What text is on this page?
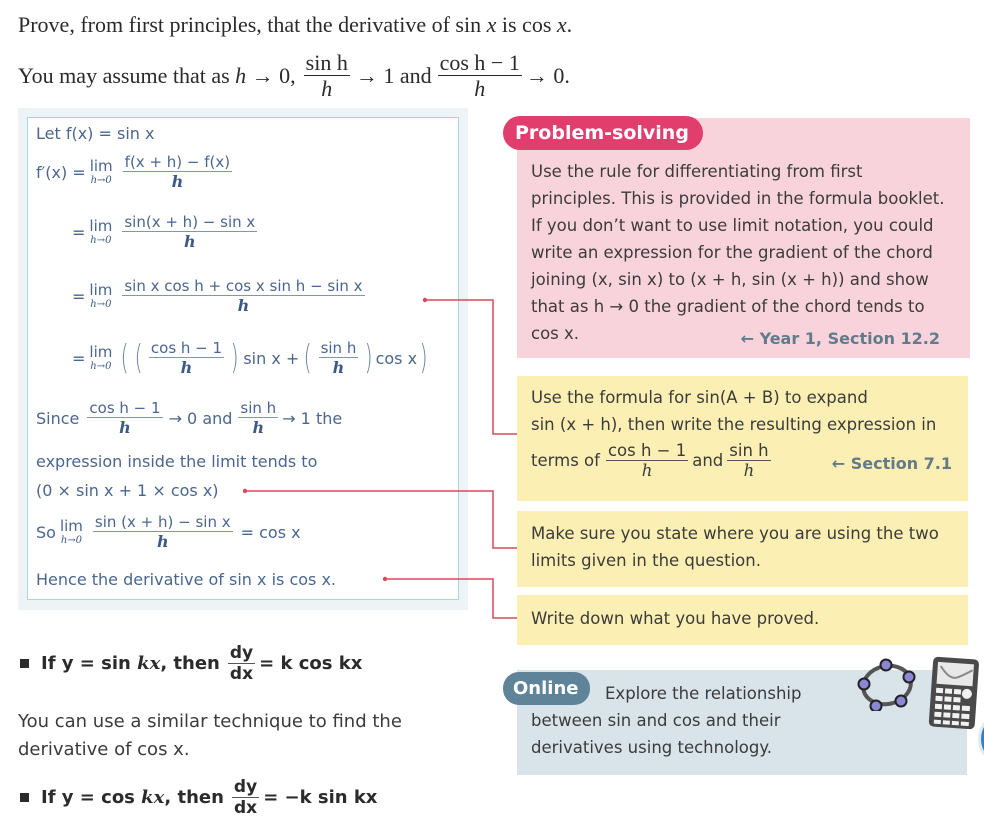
Prove, from first principles, that the derivative of sin x is cos x.
You may assume that as h → 0, $\frac{\text{sin h}}{h} \to 1$ and $\frac{\text{cos h − 1}}{h} \to 0$.
Let f(x) = sin x
f′(x) = lim
$h\to 0 \frac{f(x + h) - f(x)}{h}$
= lim
$h\to 0 \frac{\text{sin(x + h) − sin x}}{h}$
= lim
$h\to 0 \frac{\text{sin x cos h + cos x sin h − sin x}}{h}$
= lim
h→0 ( ( $\frac{\text{cos h − 1}}{h}$ ) sin x + ( $\frac{\text{sin h}}{h}$ ) cos x )
Since $\frac{\text{cos h − 1}}{h} \to 0$ and $\frac{\text{sin h}}{h} \to 1$ the
expression inside the limit tends to
(0 × sin x + 1 × cos x)
So lim
$h\to 0 \frac{\text{sin (x + h) − sin x}}{h} = \cos x$
Hence the derivative of sin x is cos x.
← Year 1, Section 12.2
Problem-solving
Use the rule for differentiating from first
principles. This is provided in the formula booklet.
If you don’t want to use limit notation, you could
write an expression for the gradient of the chord
joining (x, sin x) to (x + h, sin (x + h)) and show
that as h → 0 the gradient of the chord tends to
cos x.
Use the formula for sin(A + B) to expand
sin (x + h), then write the resulting expression in
terms of $\frac{\text{cos h − 1}}{h}$ and $\frac{\text{sin h}}{h}$	← Section 7.1
Make sure you state where you are using the two
limits given in the question.
Write down what you have proved.
Explore the relationship
between sin and cos and their
derivatives using technology.
Online
If y = sin kx , then $\frac{dy}{dx} = k$ cos kx
You can use a similar technique to find the
derivative of cos x.
If y = cos kx , then $\frac{dy}{dx} = -k$ sin kx
